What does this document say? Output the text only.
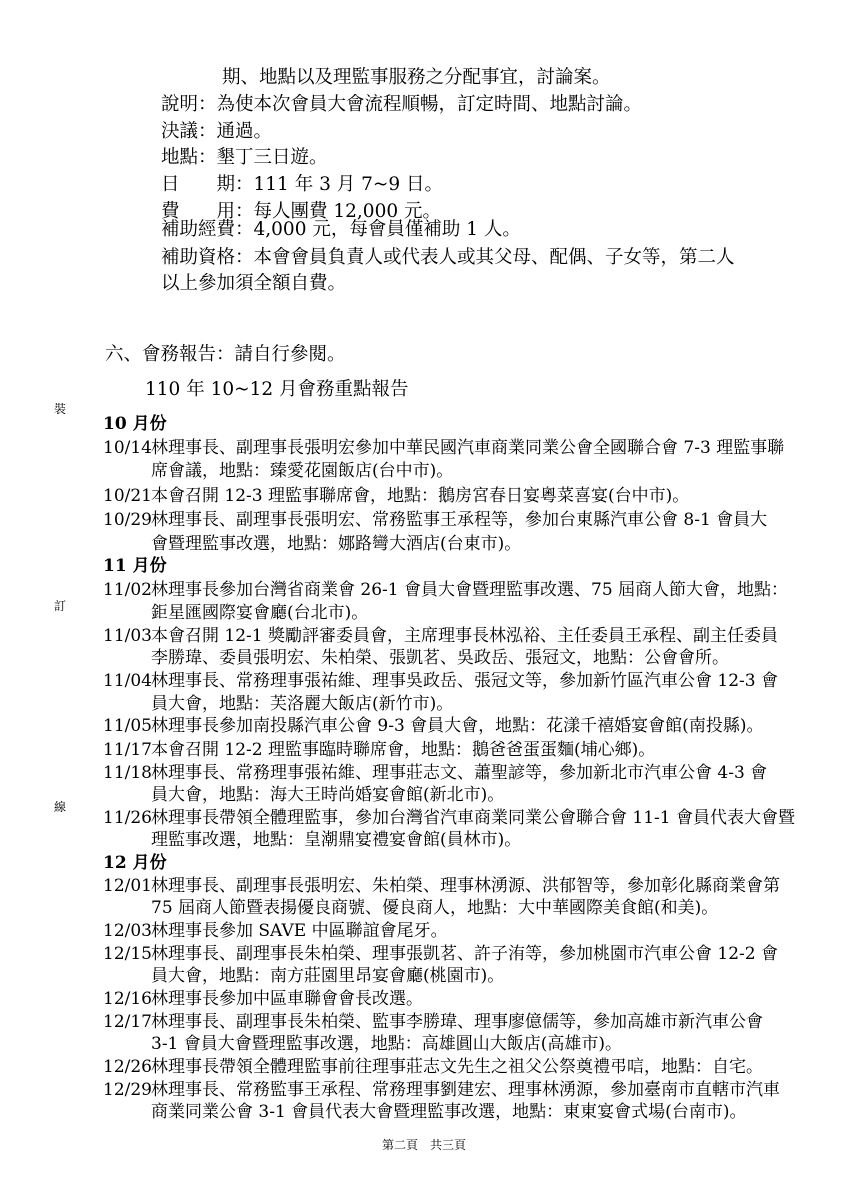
期、地點以及理監事服務之分配事宜，討論案。
說明：為使本次會員大會流程順暢，訂定時間、地點討論。
決議：通過。
地點：墾丁三日遊。
日　　期：111 年 3 月 7~9 日。
費　　用：每人團費 12,000 元。
補助經費：4,000 元，每會員僅補助 1 人。
補助資格：本會會員負責人或代表人或其父母、配偶、子女等，第二人
以上參加須全額自費。
六、會務報告：請自行參閱。
110 年 10~12 月會務重點報告
裝
訂
線
10 月份
10/14 林理事長、副理事長張明宏參加中華民國汽車商業同業公會全國聯合會 7-3 理監事聯
席會議，地點：臻愛花園飯店(台中市)。
10/21 本會召開 12-3 理監事聯席會，地點：鵝房宮春日宴粵菜喜宴(台中市)。
10/29 林理事長、副理事長張明宏、常務監事王承程等，參加台東縣汽車公會 8-1 會員大
會暨理監事改選，地點：娜路彎大酒店(台東市)。
11 月份
11/02 林理事長參加台灣省商業會 26-1 會員大會暨理監事改選、75 屆商人節大會，地點：
鉅星匯國際宴會廳(台北市)。
11/03 本會召開 12-1 獎勵評審委員會，主席理事長林泓裕、主任委員王承程、副主任委員
李勝瑋、委員張明宏、朱柏榮、張凱茗、吳政岳、張冠文，地點：公會會所。
11/04 林理事長、常務理事張祐維、理事吳政岳、張冠文等，參加新竹區汽車公會 12-3 會
員大會，地點：芙洛麗大飯店(新竹市)。
11/05 林理事長參加南投縣汽車公會 9-3 會員大會，地點：花漾千禧婚宴會館(南投縣)。
11/17 本會召開 12-2 理監事臨時聯席會，地點：鵝爸爸蛋蛋麵(埔心鄉)。
11/18 林理事長、常務理事張祐維、理事莊志文、蕭聖諺等，參加新北市汽車公會 4-3 會
員大會，地點：海大王時尚婚宴會館(新北市)。
11/26 林理事長帶領全體理監事，參加台灣省汽車商業同業公會聯合會 11-1 會員代表大會暨
理監事改選，地點：皇潮鼎宴禮宴會館(員林市)。
12 月份
12/01 林理事長、副理事長張明宏、朱柏榮、理事林湧源、洪郁智等，參加彰化縣商業會第
75 屆商人節暨表揚優良商號、優良商人，地點：大中華國際美食館(和美)。
12/03 林理事長參加 SAVE 中區聯誼會尾牙。
12/15 林理事長、副理事長朱柏榮、理事張凱茗、許子洧等，參加桃園市汽車公會 12-2 會
員大會，地點：南方莊園里昂宴會廳(桃園市)。
12/16 林理事長參加中區車聯會會長改選。
12/17 林理事長、副理事長朱柏榮、監事李勝瑋、理事廖億儒等，參加高雄市新汽車公會
3-1 會員大會暨理監事改選，地點：高雄圓山大飯店(高雄市)。
12/26 林理事長帶領全體理監事前往理事莊志文先生之祖父公祭奠禮弔唁，地點：自宅。
12/29 林理事長、常務監事王承程、常務理事劉建宏、理事林湧源，參加臺南市直轄市汽車
商業同業公會 3-1 會員代表大會暨理監事改選，地點：東東宴會式場(台南市)。
第二頁　共三頁
